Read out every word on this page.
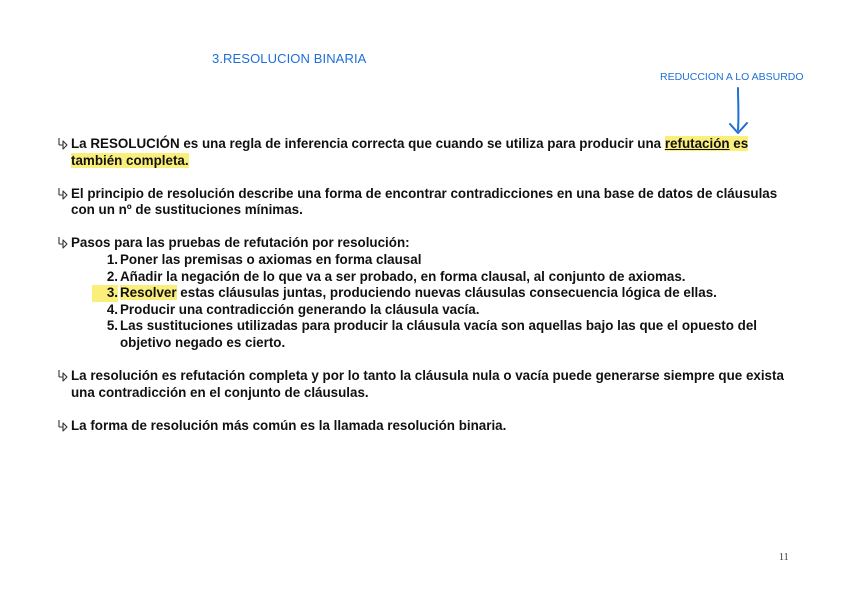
3.RESOLUCION BINARIA
REDUCCION A LO ABSURDO
La RESOLUCIÓN es una regla de inferencia correcta que cuando se utiliza para producir una refutación es también completa.
El principio de resolución describe una forma de encontrar contradicciones en una base de datos de cláusulas con un nº de sustituciones mínimas.
Pasos para las pruebas de refutación por resolución:
1. Poner las premisas o axiomas en forma clausal
2. Añadir la negación de lo que va a ser probado, en forma clausal, al conjunto de axiomas.
3. Resolver estas cláusulas juntas, produciendo nuevas cláusulas consecuencia lógica de ellas.
4. Producir una contradicción generando la cláusula vacía.
5. Las sustituciones utilizadas para producir la cláusula vacía son aquellas bajo las que el opuesto del objetivo negado es cierto.
La resolución es refutación completa y por lo tanto la cláusula nula o vacía puede generarse siempre que exista una contradicción en el conjunto de cláusulas.
La forma de resolución más común es la llamada resolución binaria.
11
